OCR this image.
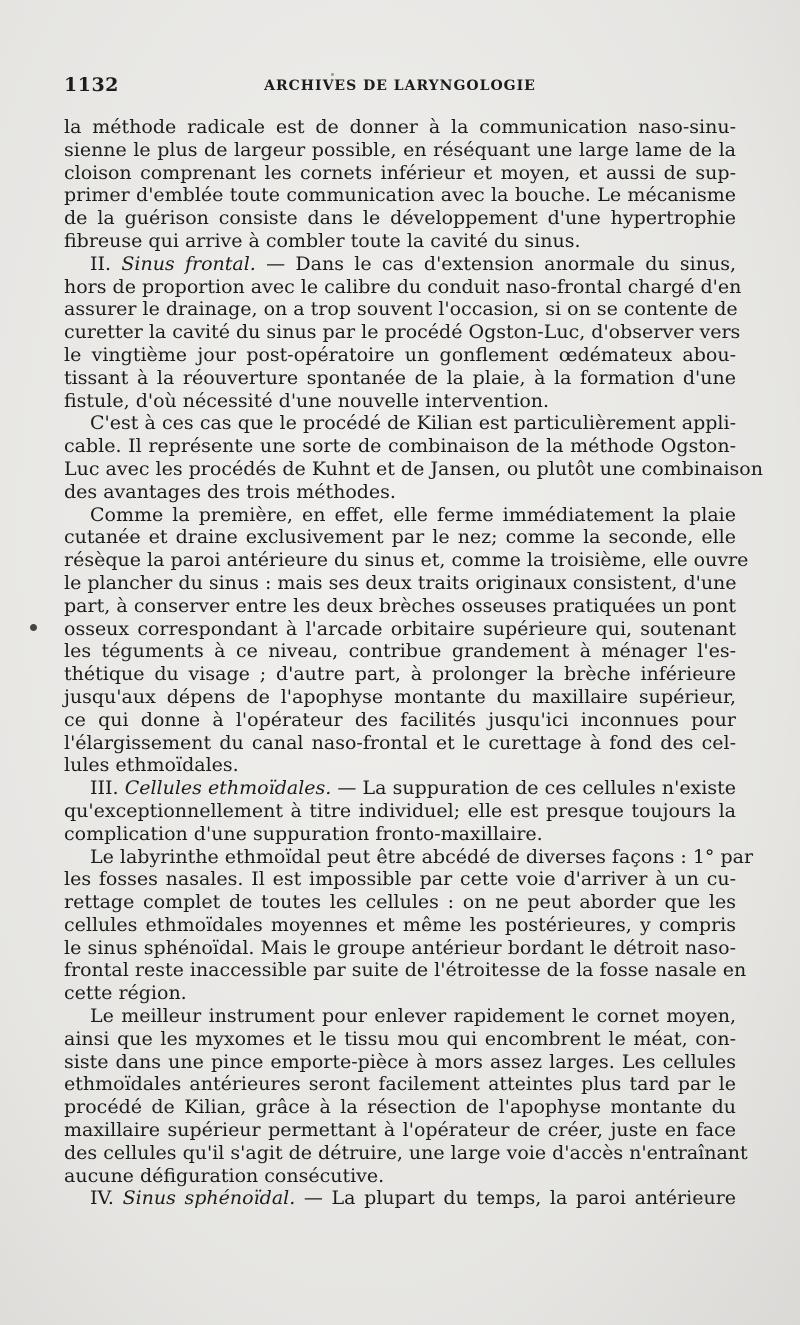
1132	ARCHIVES DE LARYNGOLOGIE
la méthode radicale est de donner à la communication naso-sinu-
sienne le plus de largeur possible, en réséquant une large lame de la
cloison comprenant les cornets inférieur et moyen, et aussi de sup-
primer d'emblée toute communication avec la bouche. Le mécanisme
de la guérison consiste dans le développement d'une hypertrophie
fibreuse qui arrive à combler toute la cavité du sinus.
II. Sinus frontal. — Dans le cas d'extension anormale du sinus,
hors de proportion avec le calibre du conduit naso-frontal chargé d'en
assurer le drainage, on a trop souvent l'occasion, si on se contente de
curetter la cavité du sinus par le procédé Ogston-Luc, d'observer vers
le vingtième jour post-opératoire un gonflement œdémateux abou-
tissant à la réouverture spontanée de la plaie, à la formation d'une
fistule, d'où nécessité d'une nouvelle intervention.
C'est à ces cas que le procédé de Kilian est particulièrement appli-
cable. Il représente une sorte de combinaison de la méthode Ogston-
Luc avec les procédés de Kuhnt et de Jansen, ou plutôt une combinaison
des avantages des trois méthodes.
Comme la première, en effet, elle ferme immédiatement la plaie
cutanée et draine exclusivement par le nez; comme la seconde, elle
résèque la paroi antérieure du sinus et, comme la troisième, elle ouvre
le plancher du sinus : mais ses deux traits originaux consistent, d'une
part, à conserver entre les deux brèches osseuses pratiquées un pont
osseux correspondant à l'arcade orbitaire supérieure qui, soutenant
les téguments à ce niveau, contribue grandement à ménager l'es-
thétique du visage ; d'autre part, à prolonger la brèche inférieure
jusqu'aux dépens de l'apophyse montante du maxillaire supérieur,
ce qui donne à l'opérateur des facilités jusqu'ici inconnues pour
l'élargissement du canal naso-frontal et le curettage à fond des cel-
lules ethmoïdales.
III. Cellules ethmoïdales. — La suppuration de ces cellules n'existe
qu'exceptionnellement à titre individuel; elle est presque toujours la
complication d'une suppuration fronto-maxillaire.
Le labyrinthe ethmoïdal peut être abcédé de diverses façons : 1° par
les fosses nasales. Il est impossible par cette voie d'arriver à un cu-
rettage complet de toutes les cellules : on ne peut aborder que les
cellules ethmoïdales moyennes et même les postérieures, y compris
le sinus sphénoïdal. Mais le groupe antérieur bordant le détroit naso-
frontal reste inaccessible par suite de l'étroitesse de la fosse nasale en
cette région.
Le meilleur instrument pour enlever rapidement le cornet moyen,
ainsi que les myxomes et le tissu mou qui encombrent le méat, con-
siste dans une pince emporte-pièce à mors assez larges. Les cellules
ethmoïdales antérieures seront facilement atteintes plus tard par le
procédé de Kilian, grâce à la résection de l'apophyse montante du
maxillaire supérieur permettant à l'opérateur de créer, juste en face
des cellules qu'il s'agit de détruire, une large voie d'accès n'entraînant
aucune défiguration consécutive.
IV. Sinus sphénoïdal. — La plupart du temps, la paroi antérieure
